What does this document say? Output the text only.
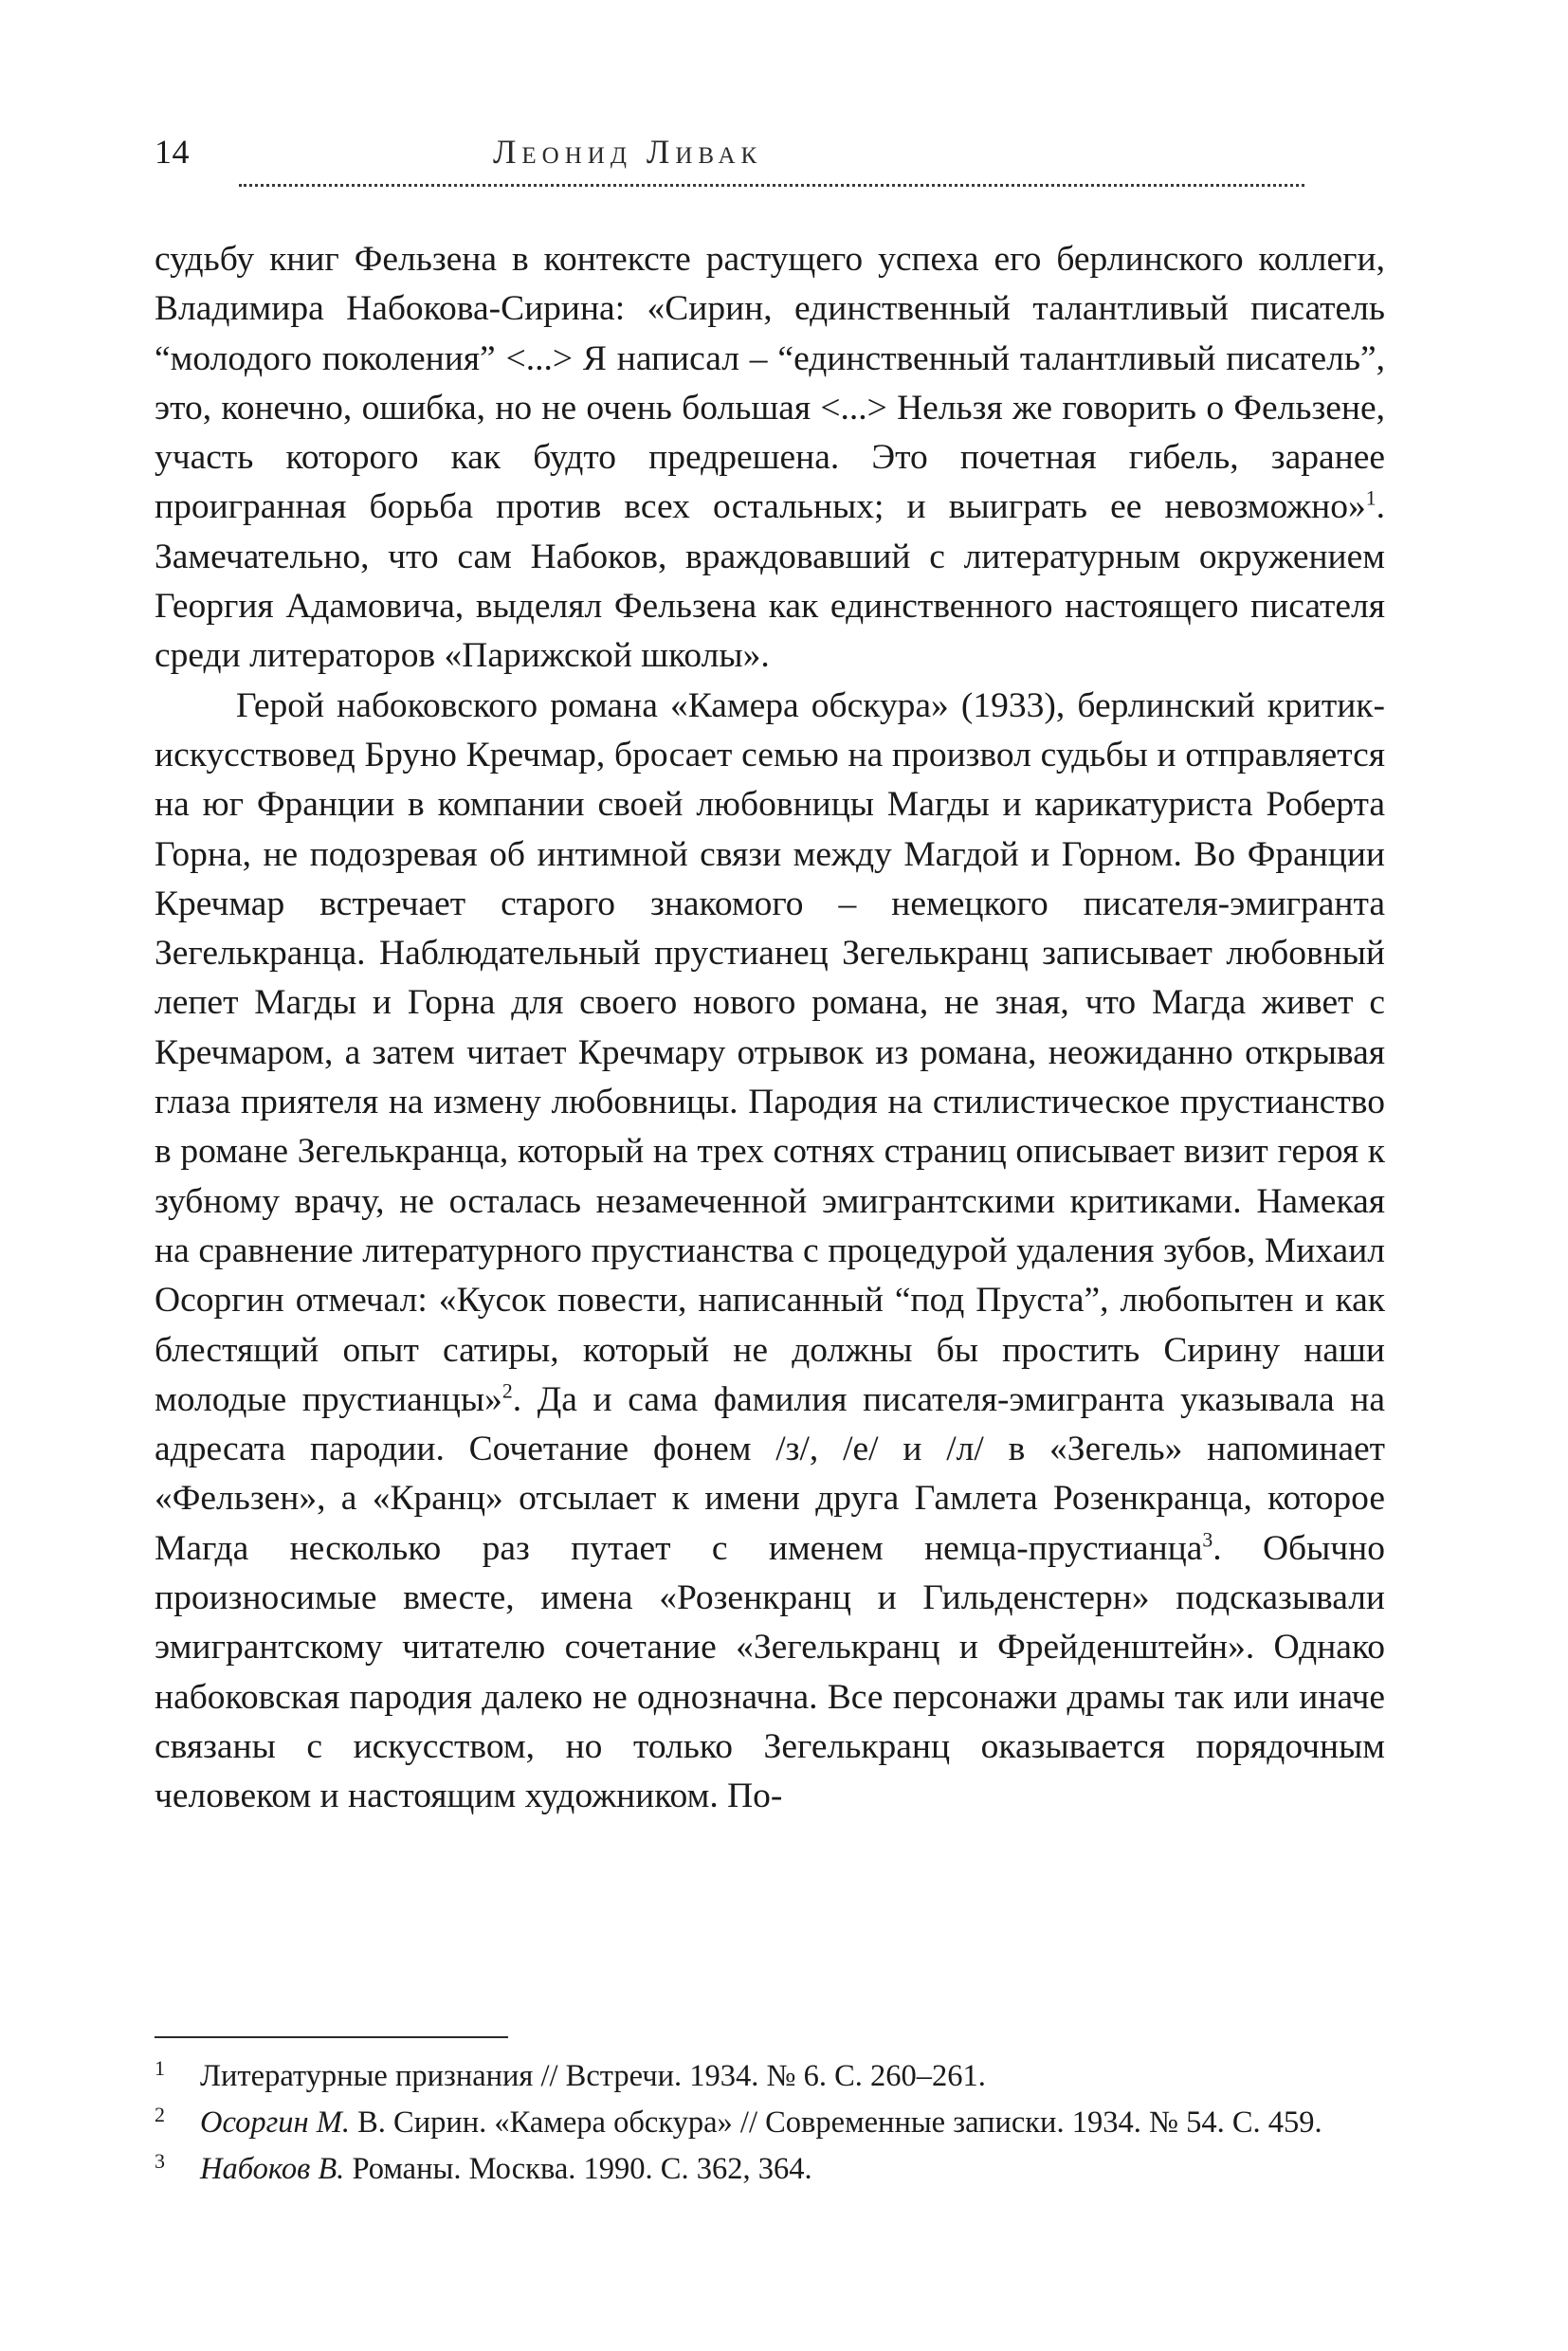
14	Леонид Ливак

судьбу книг Фельзена в контексте растущего успеха его берлинского коллеги, Владимира Набокова-Сирина: «Сирин, единственный талантливый писатель “молодого поколения” <...> Я написал – “единственный талантливый писатель”, это, конечно, ошибка, но не очень большая <...> Нельзя же говорить о Фельзене, участь которого как будто предрешена. Это почетная гибель, заранее проигранная борьба против всех остальных; и выиграть ее невозможно»$^1$. Замечательно, что сам Набоков, враждовавший с литературным окружением Георгия Адамовича, выделял Фельзена как единственного настоящего писателя среди литераторов «Парижской школы».

Герой набоковского романа «Камера обскура» (1933), берлинский критик-искусствовед Бруно Кречмар, бросает семью на произвол судьбы и отправляется на юг Франции в компании своей любовницы Магды и карикатуриста Роберта Горна, не подозревая об интимной связи между Магдой и Горном. Во Франции Кречмар встречает старого знакомого – немецкого писателя-эмигранта Зегелькранца. Наблюдательный прустианец Зегелькранц записывает любовный лепет Магды и Горна для своего нового романа, не зная, что Магда живет с Кречмаром, а затем читает Кречмару отрывок из романа, неожиданно открывая глаза приятеля на измену любовницы. Пародия на стилистическое прустианство в романе Зегелькранца, который на трех сотнях страниц описывает визит героя к зубному врачу, не осталась незамеченной эмигрантскими критиками. Намекая на сравнение литературного прустианства с процедурой удаления зубов, Михаил Осоргин отмечал: «Кусок повести, написанный “под Пруста”, любопытен и как блестящий опыт сатиры, который не должны бы простить Сирину наши молодые прустианцы»$^2$. Да и сама фамилия писателя-эмигранта указывала на адресата пародии. Сочетание фонем /з/, /е/ и /л/ в «Зегель» напоминает «Фельзен», а «Кранц» отсылает к имени друга Гамлета Розенкранца, которое Магда несколько раз путает с именем немца-прустианца$^3$. Обычно произносимые вместе, имена «Розенкранц и Гильденстерн» подсказывали эмигрантскому читателю сочетание «Зегелькранц и Фрейденштейн». Однако набоковская пародия далеко не однозначна. Все персонажи драмы так или иначе связаны с искусством, но только Зегелькранц оказывается порядочным человеком и настоящим художником. По-

1 Литературные признания // Встречи. 1934. № 6. С. 260–261.
2 Осоргин М. В. Сирин. «Камера обскура» // Современные записки. 1934. № 54. С. 459.
3 Набоков В. Романы. Москва. 1990. С. 362, 364.
